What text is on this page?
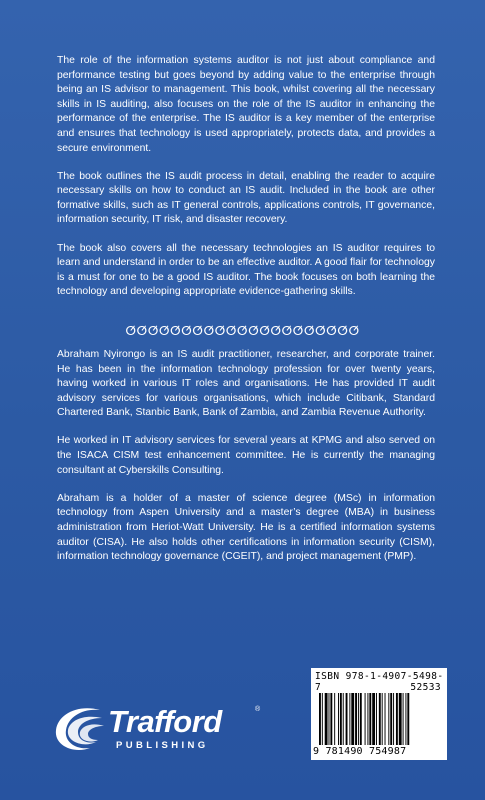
The role of the information systems auditor is not just about compliance and performance testing but goes beyond by adding value to the enterprise through being an IS advisor to management. This book, whilst covering all the necessary skills in IS auditing, also focuses on the role of the IS auditor in enhancing the performance of the enterprise. The IS auditor is a key member of the enterprise and ensures that technology is used appropriately, protects data, and provides a secure environment.

The book outlines the IS audit process in detail, enabling the reader to acquire necessary skills on how to conduct an IS audit. Included in the book are other formative skills, such as IT general controls, applications controls, IT governance, information security, IT risk, and disaster recovery.

The book also covers all the necessary technologies an IS auditor requires to learn and understand in order to be an effective auditor. A good flair for technology is a must for one to be a good IS auditor. The book focuses on both learning the technology and developing appropriate evidence-gathering skills.

ⵚⵚⵚⵚⵚⵚⵚⵚⵚⵚⵚⵚⵚⵚⵚⵚⵚⵚⵚⵚⵚ

Abraham Nyirongo is an IS audit practitioner, researcher, and corporate trainer. He has been in the information technology profession for over twenty years, having worked in various IT roles and organisations. He has provided IT audit advisory services for various organisations, which include Citibank, Standard Chartered Bank, Stanbic Bank, Bank of Zambia, and Zambia Revenue Authority.

He worked in IT advisory services for several years at KPMG and also served on the ISACA CISM test enhancement committee. He is currently the managing consultant at Cyberskills Consulting.

Abraham is a holder of a master of science degree (MSc) in information technology from Aspen University and a master’s degree (MBA) in business administration from Heriot-Watt University. He is a certified information systems auditor (CISA). He also holds other certifications in information security (CISM), information technology governance (CGEIT), and project management (PMP).

Trafford	®
PUBLISHING
ISBN 978-1-4907-5498-7	52533
9 781490 754987
